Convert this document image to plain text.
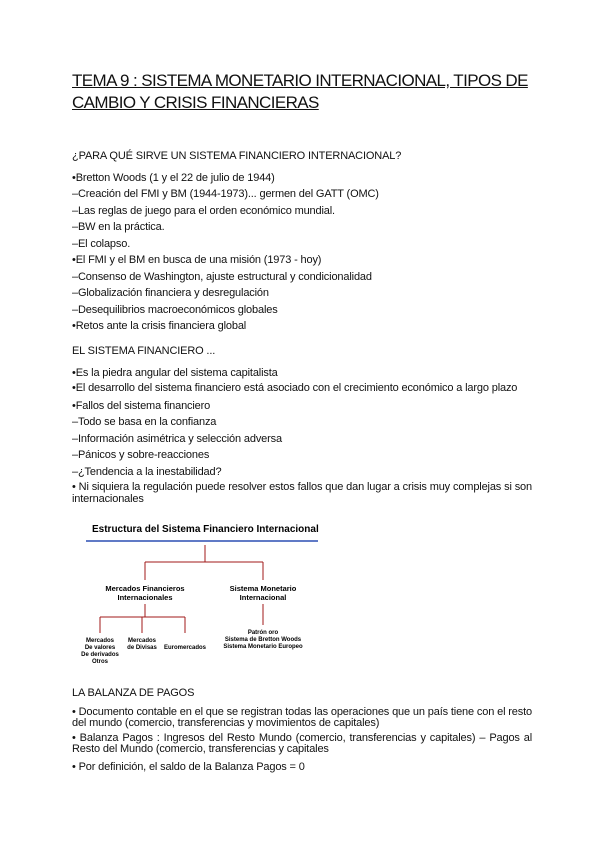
TEMA 9 : SISTEMA MONETARIO INTERNACIONAL, TIPOS DE CAMBIO Y CRISIS FINANCIERAS
¿PARA QUÉ SIRVE UN SISTEMA FINANCIERO INTERNACIONAL?
•Bretton Woods (1 y el 22 de julio de 1944)
–Creación del FMI y BM (1944-1973)... germen del GATT (OMC)
–Las reglas de juego para el orden económico mundial.
–BW en la práctica.
–El colapso.
•El FMI y el BM en busca de una misión (1973 - hoy)
–Consenso de Washington, ajuste estructural y condicionalidad
–Globalización financiera y desregulación
–Desequilibrios macroeconómicos globales
•Retos ante la crisis financiera global
EL SISTEMA FINANCIERO ...
•Es la piedra angular del sistema capitalista
•El desarrollo del sistema financiero está asociado con el crecimiento económico a largo plazo
•Fallos del sistema financiero
–Todo se basa en la confianza
–Información asimétrica y selección adversa
–Pánicos y sobre-reacciones
–¿Tendencia a la inestabilidad?
• Ni siquiera la regulación puede resolver estos fallos que dan lugar a crisis muy complejas si son internacionales
Estructura del Sistema Financiero Internacional
Mercados Financieros
Internacionales
Sistema Monetario
Internacional
Mercados
De valores
De derivados
Otros
Mercados
de Divisas Euromercados
Patrón oro
Sistema de Bretton Woods
Sistema Monetario Europeo
LA BALANZA DE PAGOS
• Documento contable en el que se registran todas las operaciones que un país tiene con el resto del mundo (comercio, transferencias y movimientos de capitales)
• Balanza Pagos : Ingresos del Resto Mundo (comercio, transferencias y capitales) – Pagos al Resto del Mundo (comercio, transferencias y capitales
• Por definición, el saldo de la Balanza Pagos = 0
